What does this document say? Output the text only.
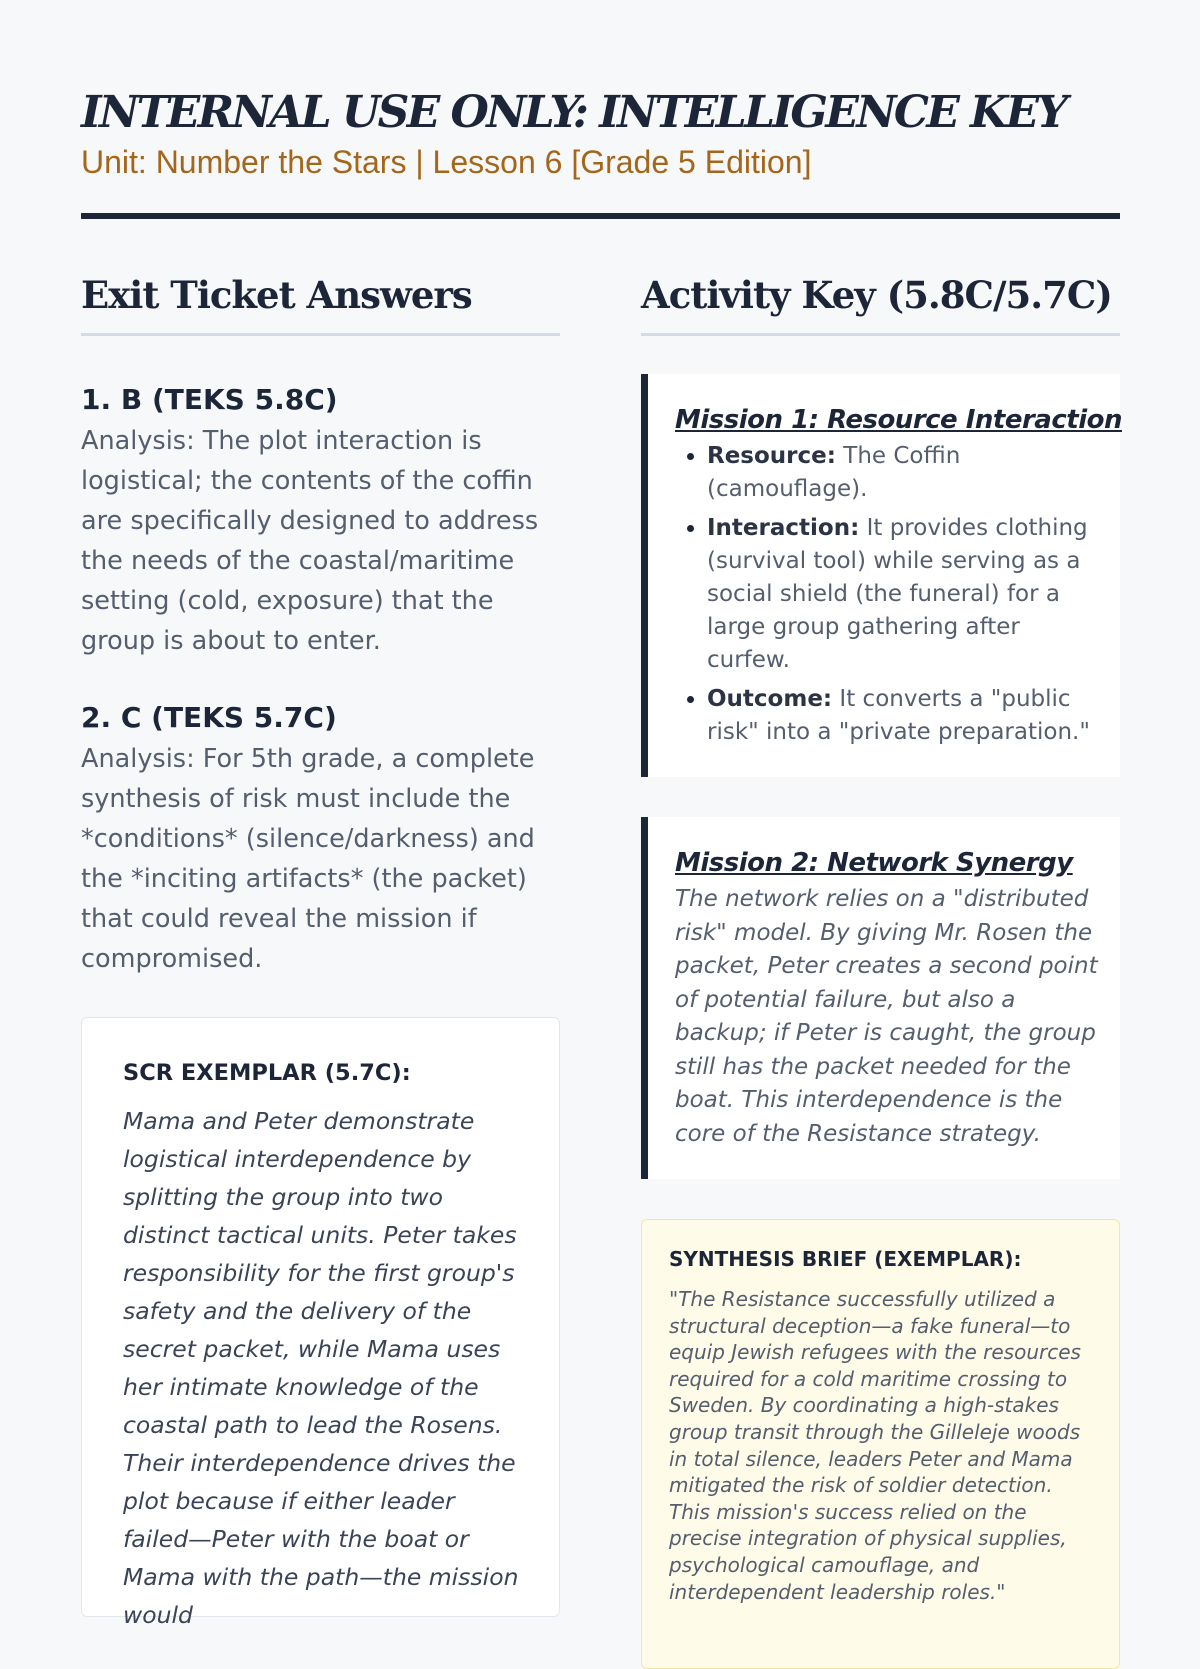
INTERNAL USE ONLY: INTELLIGENCE KEY
Unit: Number the Stars | Lesson 6 [Grade 5 Edition]
Exit Ticket Answers
1. B (TEKS 5.8C)

Analysis: The plot interaction is logistical; the contents of the coffin are specifically designed to address the needs of the coastal/maritime setting (cold, exposure) that the group is about to enter.

2. C (TEKS 5.7C)

Analysis: For 5th grade, a complete synthesis of risk must include the *conditions* (silence/darkness) and the *inciting artifacts* (the packet) that could reveal the mission if compromised.

SCR EXEMPLAR (5.7C):

Mama and Peter demonstrate logistical interdependence by splitting the group into two distinct tactical units. Peter takes responsibility for the first group's safety and the delivery of the secret packet, while Mama uses her intimate knowledge of the coastal path to lead the Rosens. Their interdependence drives the plot because if either leader failed—Peter with the boat or Mama with the path—the mission would

Activity Key (5.8C/5.7C)
Mission 1: Resource Interaction
• Resource: The Coffin (camouflage).
• Interaction: It provides clothing (survival tool) while serving as a social shield (the funeral) for a large group gathering after curfew.
• Outcome: It converts a "public risk" into a "private preparation."
Mission 2: Network Synergy

The network relies on a "distributed risk" model. By giving Mr. Rosen the packet, Peter creates a second point of potential failure, but also a backup; if Peter is caught, the group still has the packet needed for the boat. This interdependence is the core of the Resistance strategy.

SYNTHESIS BRIEF (EXEMPLAR):

"The Resistance successfully utilized a structural deception—a fake funeral—to equip Jewish refugees with the resources required for a cold maritime crossing to Sweden. By coordinating a high-stakes group transit through the Gilleleje woods in total silence, leaders Peter and Mama mitigated the risk of soldier detection. This mission's success relied on the precise integration of physical supplies, psychological camouflage, and interdependent leadership roles."
